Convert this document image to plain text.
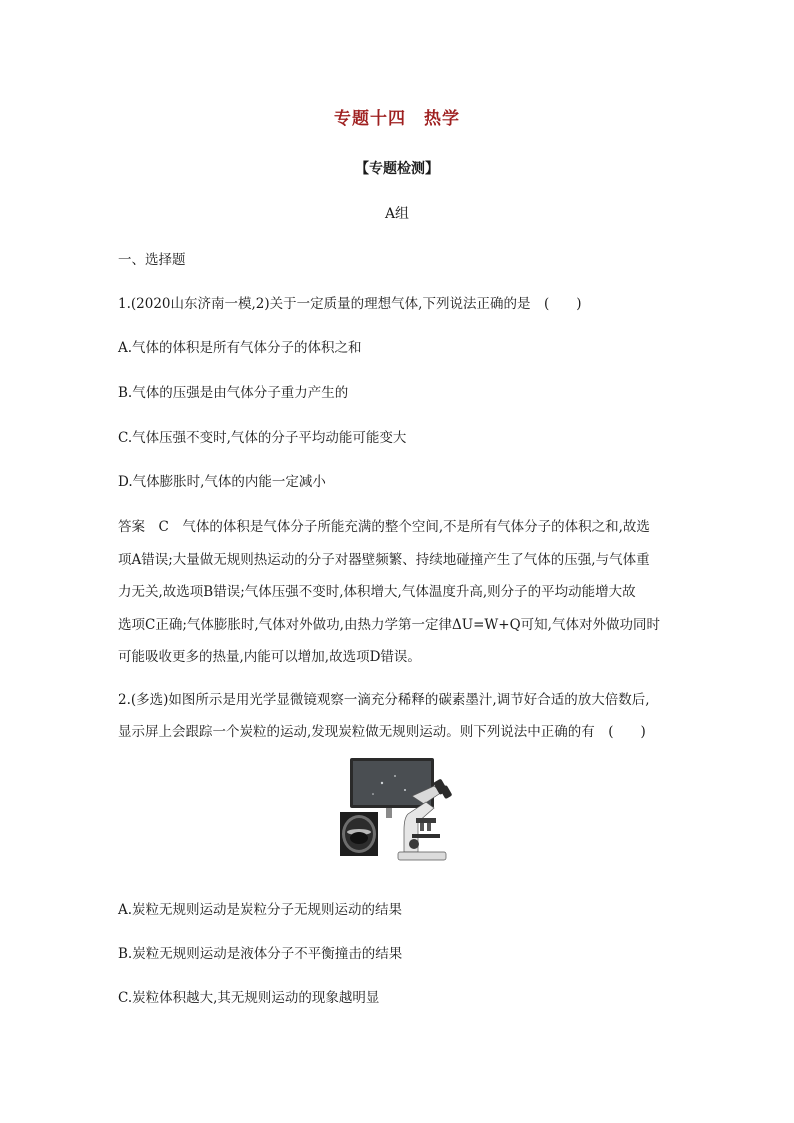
专题十四　热学
【专题检测】
A组
一、选择题
1.(2020山东济南一模,2)关于一定质量的理想气体,下列说法正确的是　(　　)
A.气体的体积是所有气体分子的体积之和
B.气体的压强是由气体分子重力产生的
C.气体压强不变时,气体的分子平均动能可能变大
D.气体膨胀时,气体的内能一定减小
答案　C　气体的体积是气体分子所能充满的整个空间,不是所有气体分子的体积之和,故选
项A错误;大量做无规则热运动的分子对器壁频繁、持续地碰撞产生了气体的压强,与气体重
力无关,故选项B错误;气体压强不变时,体积增大,气体温度升高,则分子的平均动能增大故
选项C正确;气体膨胀时,气体对外做功,由热力学第一定律ΔU=W+Q可知,气体对外做功同时
可能吸收更多的热量,内能可以增加,故选项D错误。
2.(多选)如图所示是用光学显微镜观察一滴充分稀释的碳素墨汁,调节好合适的放大倍数后,
显示屏上会跟踪一个炭粒的运动,发现炭粒做无规则运动。则下列说法中正确的有　(　　)
A.炭粒无规则运动是炭粒分子无规则运动的结果
B.炭粒无规则运动是液体分子不平衡撞击的结果
C.炭粒体积越大,其无规则运动的现象越明显
